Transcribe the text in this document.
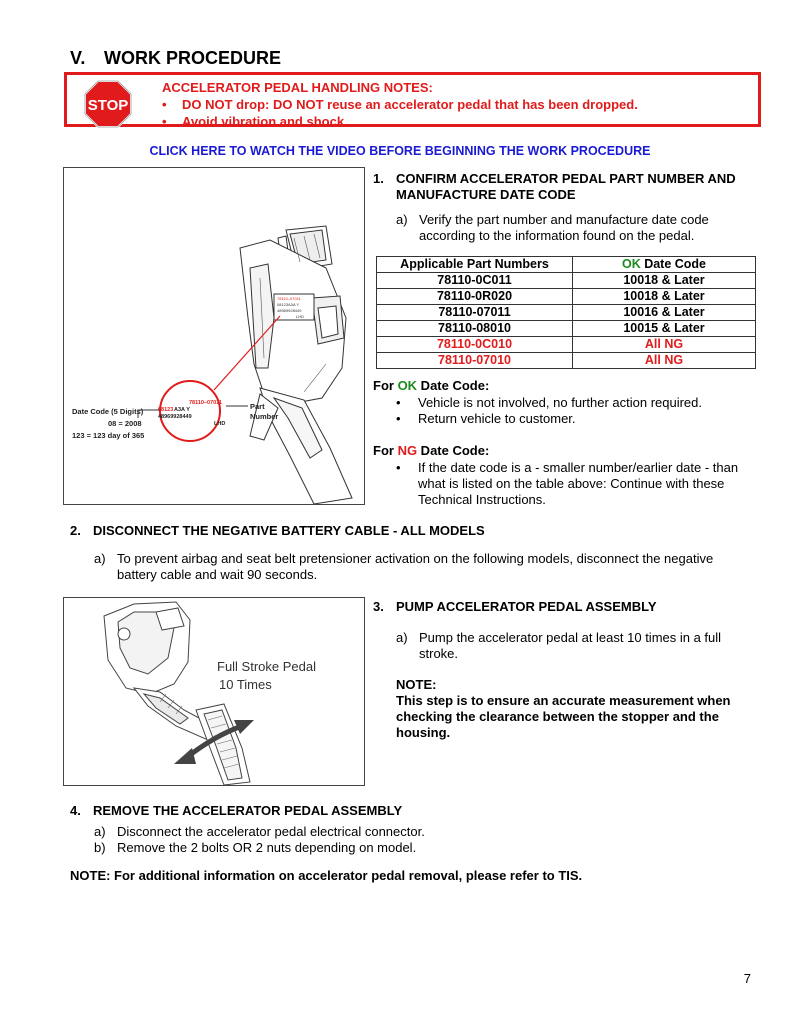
V. WORK PROCEDURE
STOP
ACCELERATOR PEDAL HANDLING NOTES:
• DO NOT drop: DO NOT reuse an accelerator pedal that has been dropped.
• Avoid vibration and shock.
CLICK HERE TO WATCH THE VIDEO BEFORE BEGINNING THE WORK PROCEDURE
78110–07011
08123A3A Y
48969928449
LHD
78110–07011
08123 A3A Y
48969928449
LHD
Date Code (5 Digits)
08 = 2008
123 = 123 day of 365
Part
Number
1. CONFIRM ACCELERATOR PEDAL PART NUMBER AND
MANUFACTURE DATE CODE
a) Verify the part number and manufacture date code
according to the information found on the pedal.
Applicable Part Numbers	OK Date Code
78110-0C011	10018 & Later
78110-0R020	10018 & Later
78110-07011	10016 & Later
78110-08010	10015 & Later
78110-0C010	All NG
78110-07010	All NG
For OK Date Code:
• Vehicle is not involved, no further action required.
• Return vehicle to customer.
For NG Date Code:
• If the date code is a - smaller number/earlier date - than
what is listed on the table above: Continue with these
Technical Instructions.
2. DISCONNECT THE NEGATIVE BATTERY CABLE - ALL MODELS
a) To prevent airbag and seat belt pretensioner activation on the following models, disconnect the negative
battery cable and wait 90 seconds.
Full Stroke Pedal
10 Times
3. PUMP ACCELERATOR PEDAL ASSEMBLY
a) Pump the accelerator pedal at least 10 times in a full
stroke.
NOTE:
This step is to ensure an accurate measurement when
checking the clearance between the stopper and the
housing.
4. REMOVE THE ACCELERATOR PEDAL ASSEMBLY
a) Disconnect the accelerator pedal electrical connector.
b) Remove the 2 bolts OR 2 nuts depending on model.
NOTE: For additional information on accelerator pedal removal, please refer to TIS.
7
